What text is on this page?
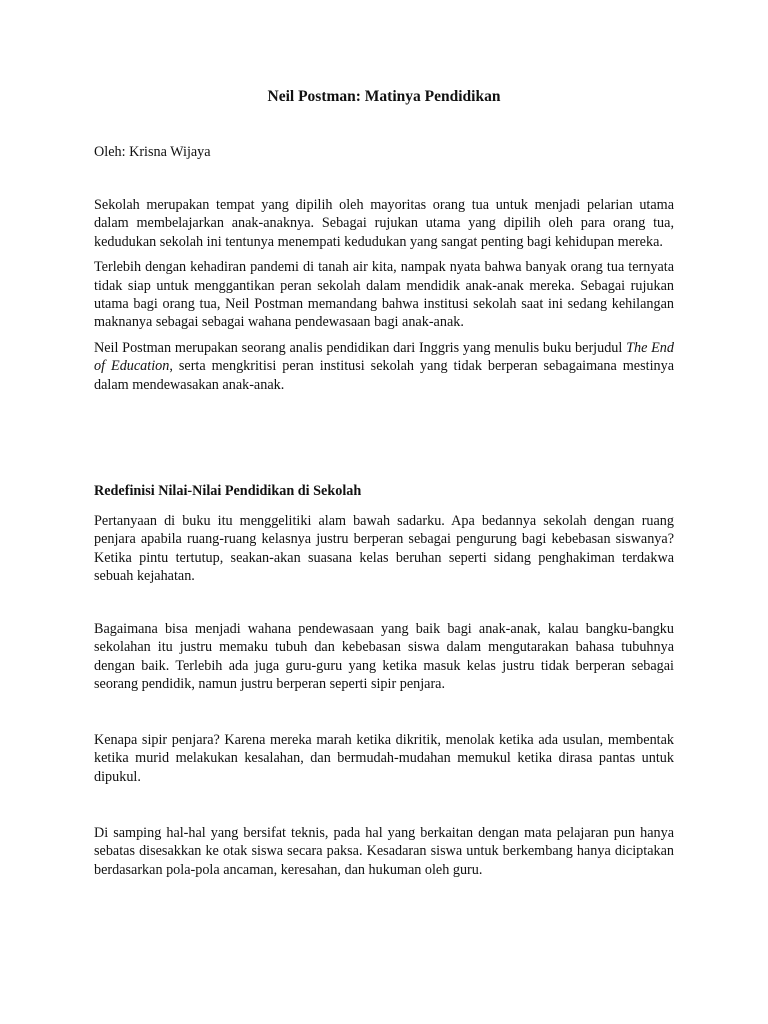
Neil Postman: Matinya Pendidikan

Oleh: Krisna Wijaya

Sekolah merupakan tempat yang dipilih oleh mayoritas orang tua untuk menjadi pelarian utama dalam membelajarkan anak-anaknya. Sebagai rujukan utama yang dipilih oleh para orang tua, kedudukan sekolah ini tentunya menempati kedudukan yang sangat penting bagi kehidupan mereka.

Terlebih dengan kehadiran pandemi di tanah air kita, nampak nyata bahwa banyak orang tua ternyata tidak siap untuk menggantikan peran sekolah dalam mendidik anak-anak mereka. Sebagai rujukan utama bagi orang tua, Neil Postman memandang bahwa institusi sekolah saat ini sedang kehilangan maknanya sebagai sebagai wahana pendewasaan bagi anak-anak.

Neil Postman merupakan seorang analis pendidikan dari Inggris yang menulis buku berjudul The End of Education, serta mengkritisi peran institusi sekolah yang tidak berperan sebagaimana mestinya dalam mendewasakan anak-anak.

Redefinisi Nilai-Nilai Pendidikan di Sekolah

Pertanyaan di buku itu menggelitiki alam bawah sadarku. Apa bedannya sekolah dengan ruang penjara apabila ruang-ruang kelasnya justru berperan sebagai pengurung bagi kebebasan siswanya? Ketika pintu tertutup, seakan-akan suasana kelas beruhan seperti sidang penghakiman terdakwa sebuah kejahatan.

Bagaimana bisa menjadi wahana pendewasaan yang baik bagi anak-anak, kalau bangku-bangku sekolahan itu justru memaku tubuh dan kebebasan siswa dalam mengutarakan bahasa tubuhnya dengan baik. Terlebih ada juga guru-guru yang ketika masuk kelas justru tidak berperan sebagai seorang pendidik, namun justru berperan seperti sipir penjara.

Kenapa sipir penjara? Karena mereka marah ketika dikritik, menolak ketika ada usulan, membentak ketika murid melakukan kesalahan, dan bermudah-mudahan memukul ketika dirasa pantas untuk dipukul.

Di samping hal-hal yang bersifat teknis, pada hal yang berkaitan dengan mata pelajaran pun hanya sebatas disesakkan ke otak siswa secara paksa. Kesadaran siswa untuk berkembang hanya diciptakan berdasarkan pola-pola ancaman, keresahan, dan hukuman oleh guru.
